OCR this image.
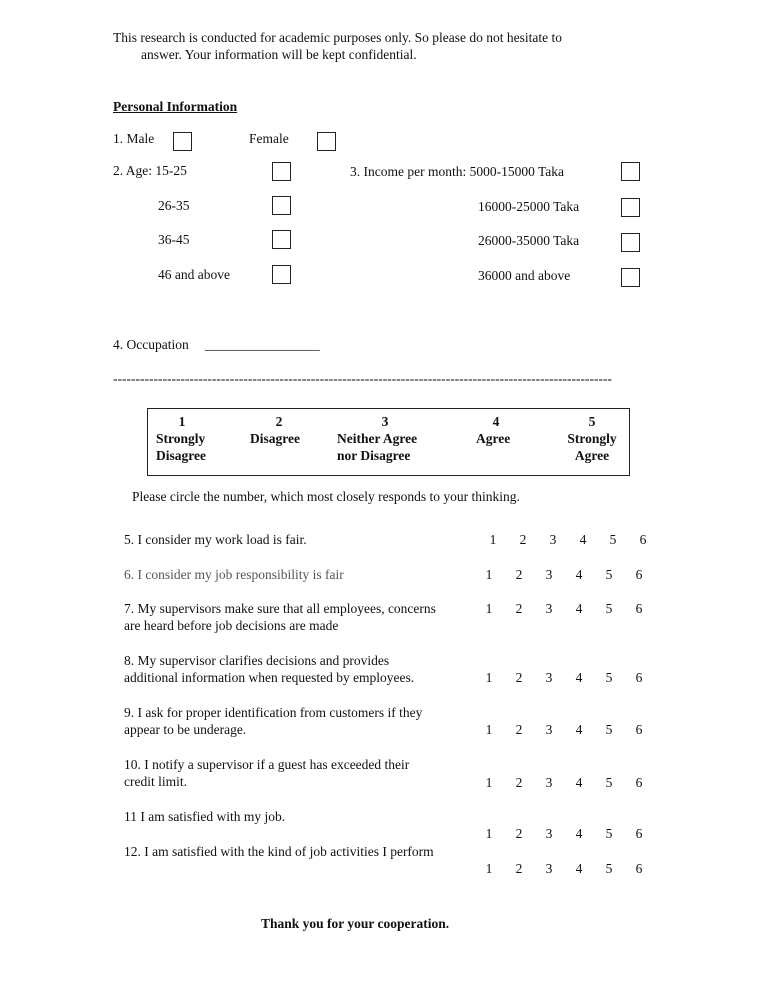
This research is conducted for academic purposes only. So please do not hesitate to
answer. Your information will be kept confidential.
Personal Information
1. Male	Female
2. Age: 15-25
26-35
36-45
46 and above
3. Income per month: 5000-15000 Taka
16000-25000 Taka
26000-35000 Taka
36000 and above
4. Occupation _________________
---------------------------------------------------------------------------------------------------------------
1
Strongly
Disagree
2
Disagree
3
Neither Agree
nor Disagree
4
Agree
5
Strongly
Agree
Please circle the number, which most closely responds to your thinking.
5. I consider my work load is fair.	1 2 3 4 5 6
6. I consider my job responsibility is fair	1 2 3 4 5 6
7. My supervisors make sure that all employees, concerns
are heard before job decisions are made
1 2 3 4 5 6
8. My supervisor clarifies decisions and provides
additional information when requested by employees.	1 2 3 4 5 6
9. I ask for proper identification from customers if they
appear to be underage.	1 2 3 4 5 6
10. I notify a supervisor if a guest has exceeded their
credit limit.	1 2 3 4 5 6
11 I am satisfied with my job.
1 2 3 4 5 6
12. I am satisfied with the kind of job activities I perform
1 2 3 4 5 6
Thank you for your cooperation.
